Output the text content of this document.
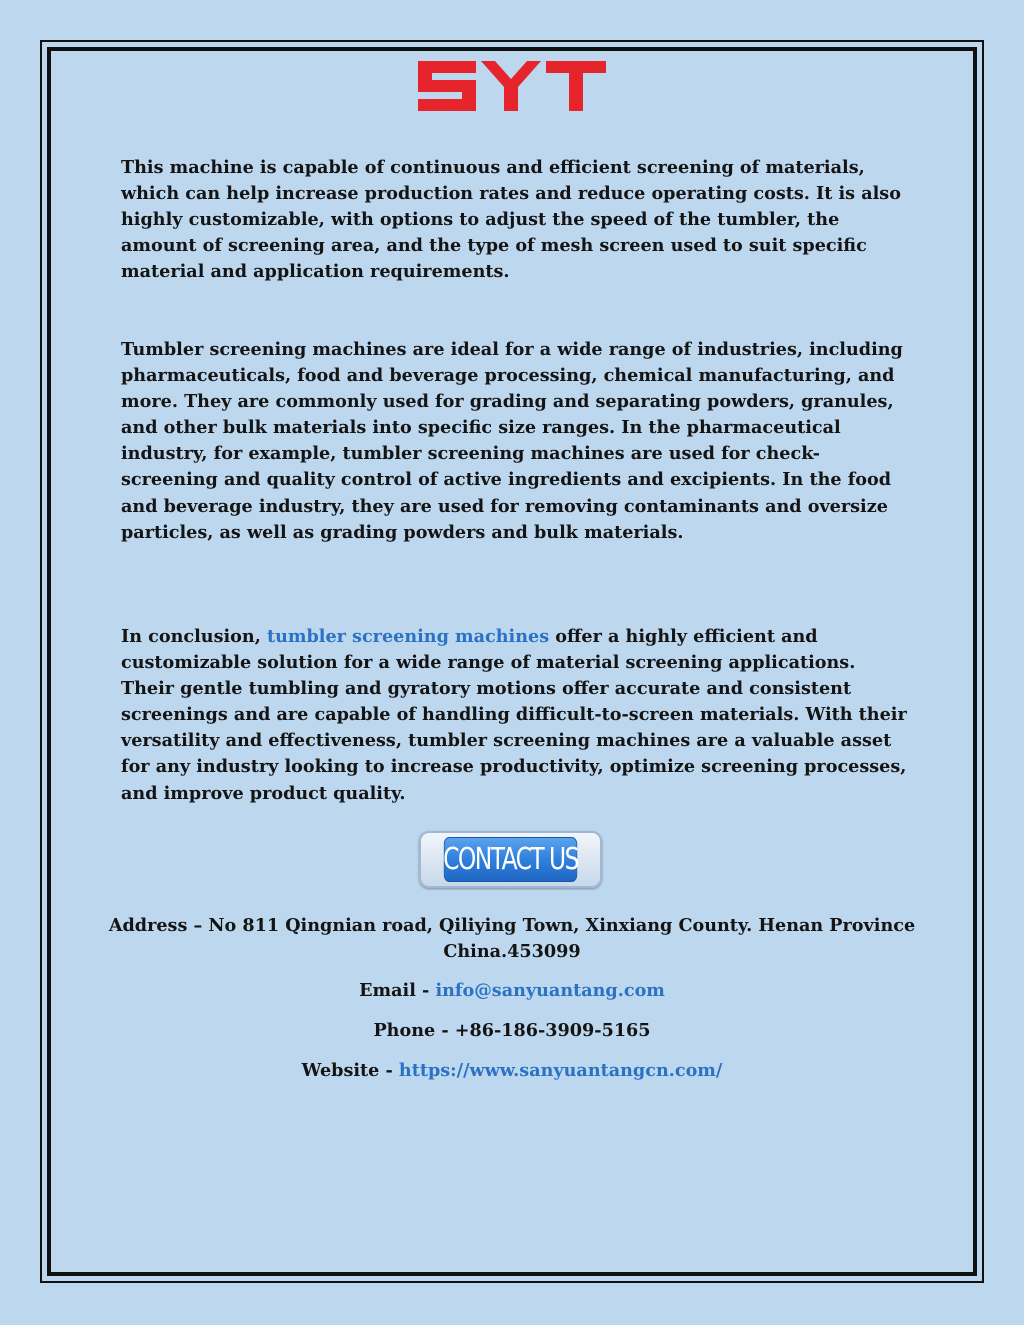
This machine is capable of continuous and efficient screening of materials, which can help increase production rates and reduce operating costs. It is also highly customizable, with options to adjust the speed of the tumbler, the amount of screening area, and the type of mesh screen used to suit specific material and application requirements.

Tumbler screening machines are ideal for a wide range of industries, including pharmaceuticals, food and beverage processing, chemical manufacturing, and more. They are commonly used for grading and separating powders, granules, and other bulk materials into specific size ranges. In the pharmaceutical industry, for example, tumbler screening machines are used for check-screening and quality control of active ingredients and excipients. In the food and beverage industry, they are used for removing contaminants and oversize particles, as well as grading powders and bulk materials.

In conclusion, tumbler screening machines offer a highly efficient and customizable solution for a wide range of material screening applications. Their gentle tumbling and gyratory motions offer accurate and consistent screenings and are capable of handling difficult-to-screen materials. With their versatility and effectiveness, tumbler screening machines are a valuable asset for any industry looking to increase productivity, optimize screening processes, and improve product quality.

CONTACT US

Address – No 811 Qingnian road, Qiliying Town, Xinxiang County. Henan Province China.453099

Email - info@sanyuantang.com

Phone - +86-186-3909-5165

Website - https://www.sanyuantangcn.com/
